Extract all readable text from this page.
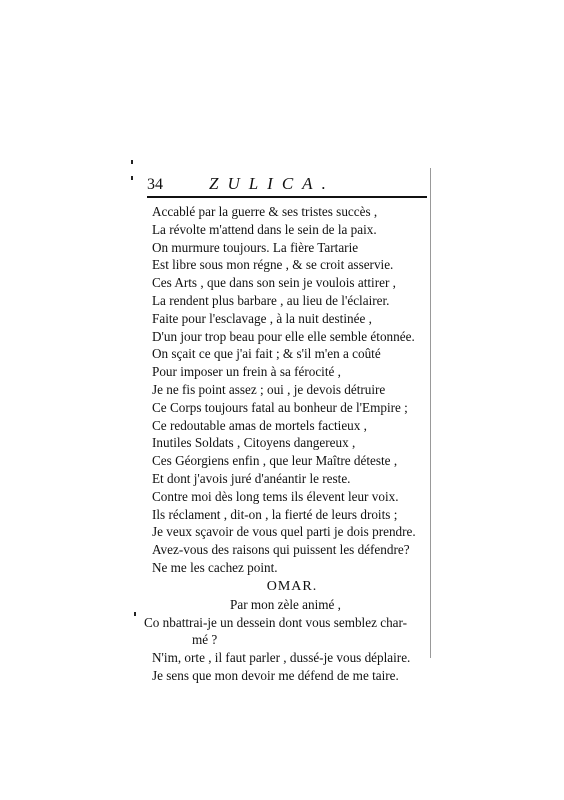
34	ZULICA.
Accablé par la guerre & ses tristes succès ,
La révolte m'attend dans le sein de la paix.
On murmure toujours. La fière Tartarie
Est libre sous mon régne , & se croit asservie.
Ces Arts , que dans son sein je voulois attirer ,
La rendent plus barbare , au lieu de l'éclairer.
Faite pour l'esclavage , à la nuit destinée ,
D'un jour trop beau pour elle elle semble étonnée.
On sçait ce que j'ai fait ; & s'il m'en a coûté
Pour imposer un frein à sa férocité ,
Je ne fis point assez ; oui , je devois détruire
Ce Corps toujours fatal au bonheur de l'Empire ;
Ce redoutable amas de mortels factieux ,
Inutiles Soldats , Citoyens dangereux ,
Ces Géorgiens enfin , que leur Maître déteste ,
Et dont j'avois juré d'anéantir le reste.
Contre moi dès long tems ils élevent leur voix.
Ils réclament , dit-on , la fierté de leurs droits ;
Je veux sçavoir de vous quel parti je dois prendre.
Avez-vous des raisons qui puissent les défendre?
Ne me les cachez point.
OMAR.
Par mon zèle animé ,
Co nbattrai-je un dessein dont vous semblez char-
mé ?
N'im, orte , il faut parler , dussé-je vous déplaire.
Je sens que mon devoir me défend de me taire.
